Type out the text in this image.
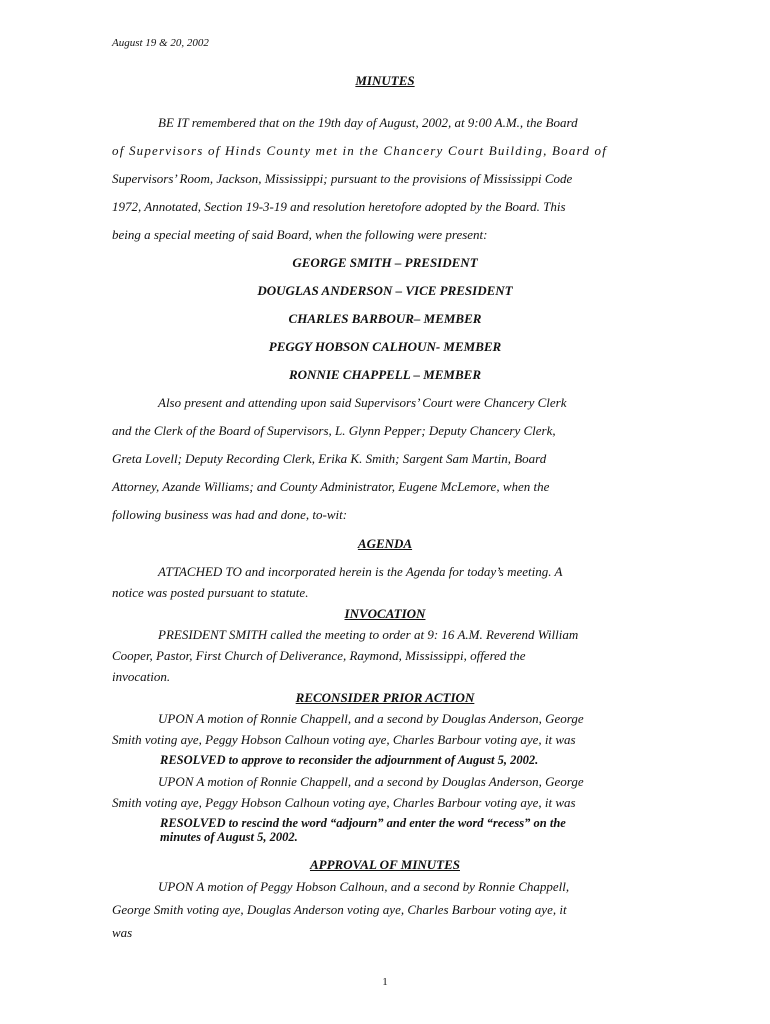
August 19 & 20, 2002
MINUTES
BE IT remembered that on the 19th day of August, 2002, at 9:00 A.M., the Board
of Supervisors of Hinds County met in the Chancery Court Building, Board of
Supervisors’ Room, Jackson, Mississippi; pursuant to the provisions of Mississippi Code
1972, Annotated, Section 19-3-19 and resolution heretofore adopted by the Board. This
being a special meeting of said Board, when the following were present:
GEORGE SMITH – PRESIDENT
DOUGLAS ANDERSON – VICE PRESIDENT
CHARLES BARBOUR– MEMBER
PEGGY HOBSON CALHOUN- MEMBER
RONNIE CHAPPELL – MEMBER
Also present and attending upon said Supervisors’ Court were Chancery Clerk
and the Clerk of the Board of Supervisors, L. Glynn Pepper; Deputy Chancery Clerk,
Greta Lovell; Deputy Recording Clerk, Erika K. Smith; Sargent Sam Martin, Board
Attorney, Azande Williams; and County Administrator, Eugene McLemore, when the
following business was had and done, to-wit:
AGENDA
ATTACHED TO and incorporated herein is the Agenda for today’s meeting. A
notice was posted pursuant to statute.
INVOCATION
PRESIDENT SMITH called the meeting to order at 9: 16 A.M. Reverend William
Cooper, Pastor, First Church of Deliverance, Raymond, Mississippi, offered the
invocation.
RECONSIDER PRIOR ACTION
UPON A motion of Ronnie Chappell, and a second by Douglas Anderson, George
Smith voting aye, Peggy Hobson Calhoun voting aye, Charles Barbour voting aye, it was
RESOLVED to approve to reconsider the adjournment of August 5, 2002.
UPON A motion of Ronnie Chappell, and a second by Douglas Anderson, George
Smith voting aye, Peggy Hobson Calhoun voting aye, Charles Barbour voting aye, it was
RESOLVED to rescind the word “adjourn” and enter the word “recess” on the
minutes of August 5, 2002.
APPROVAL OF MINUTES
UPON A motion of Peggy Hobson Calhoun, and a second by Ronnie Chappell,
George Smith voting aye, Douglas Anderson voting aye, Charles Barbour voting aye, it
was
1
